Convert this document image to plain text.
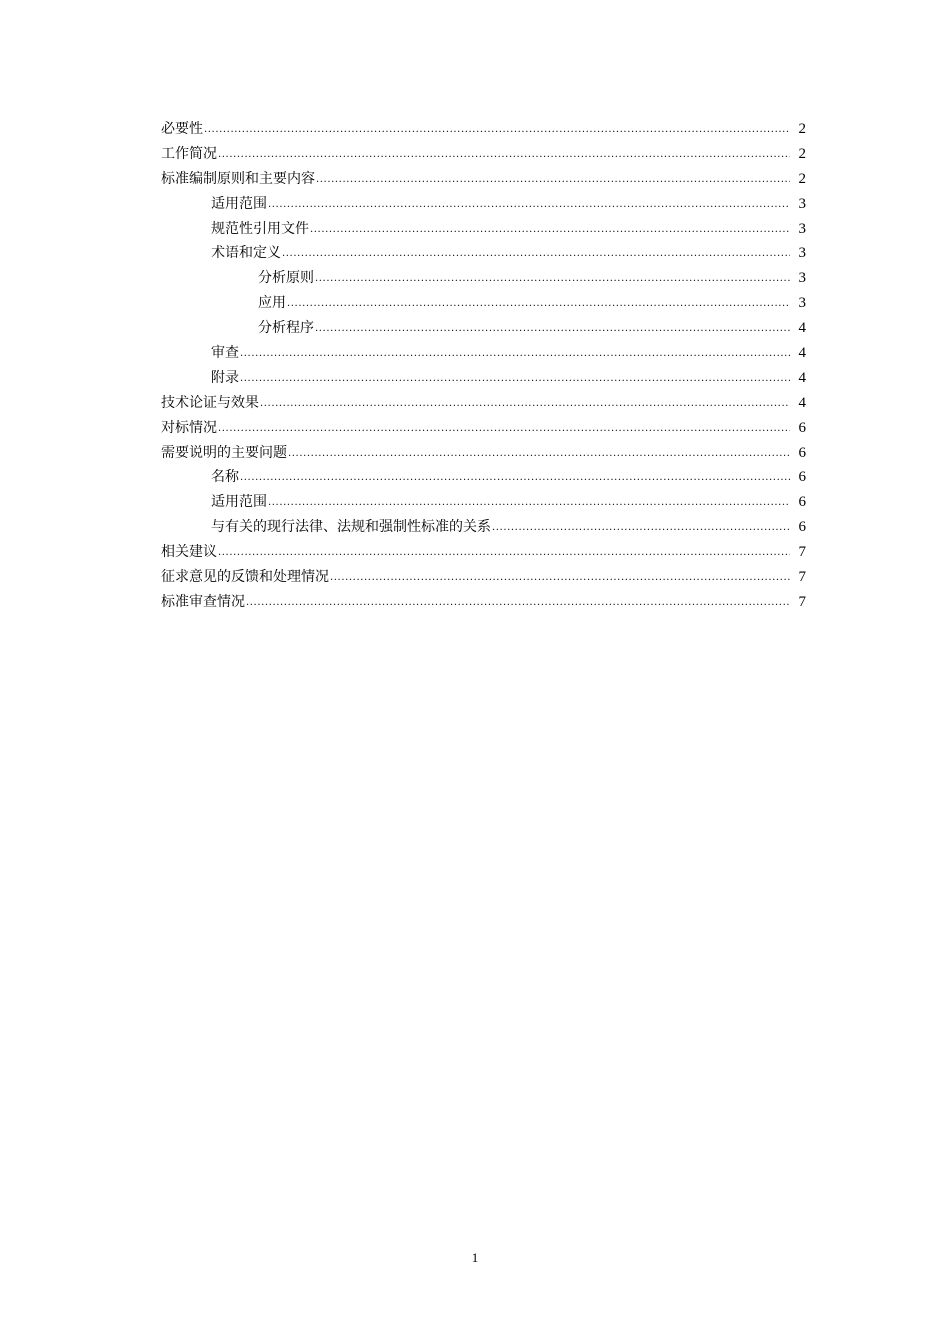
必要性 .....	2
工作简况 .....	2
标准编制原则和主要内容 .....	2
适用范围 .....	3
规范性引用文件 .....	3
术语和定义 .....	3
分析原则 .....	3
应用 .....	3
分析程序 .....	4
审查 .....	4
附录 .....	4
技术论证与效果 .....	4
对标情况 .....	6
需要说明的主要问题 .....	6
名称 .....	6
适用范围 .....	6
与有关的现行法律、法规和强制性标准的关系 .....	6
相关建议 .....	7
征求意见的反馈和处理情况 .....	7
标准审查情况 .....	7
1
